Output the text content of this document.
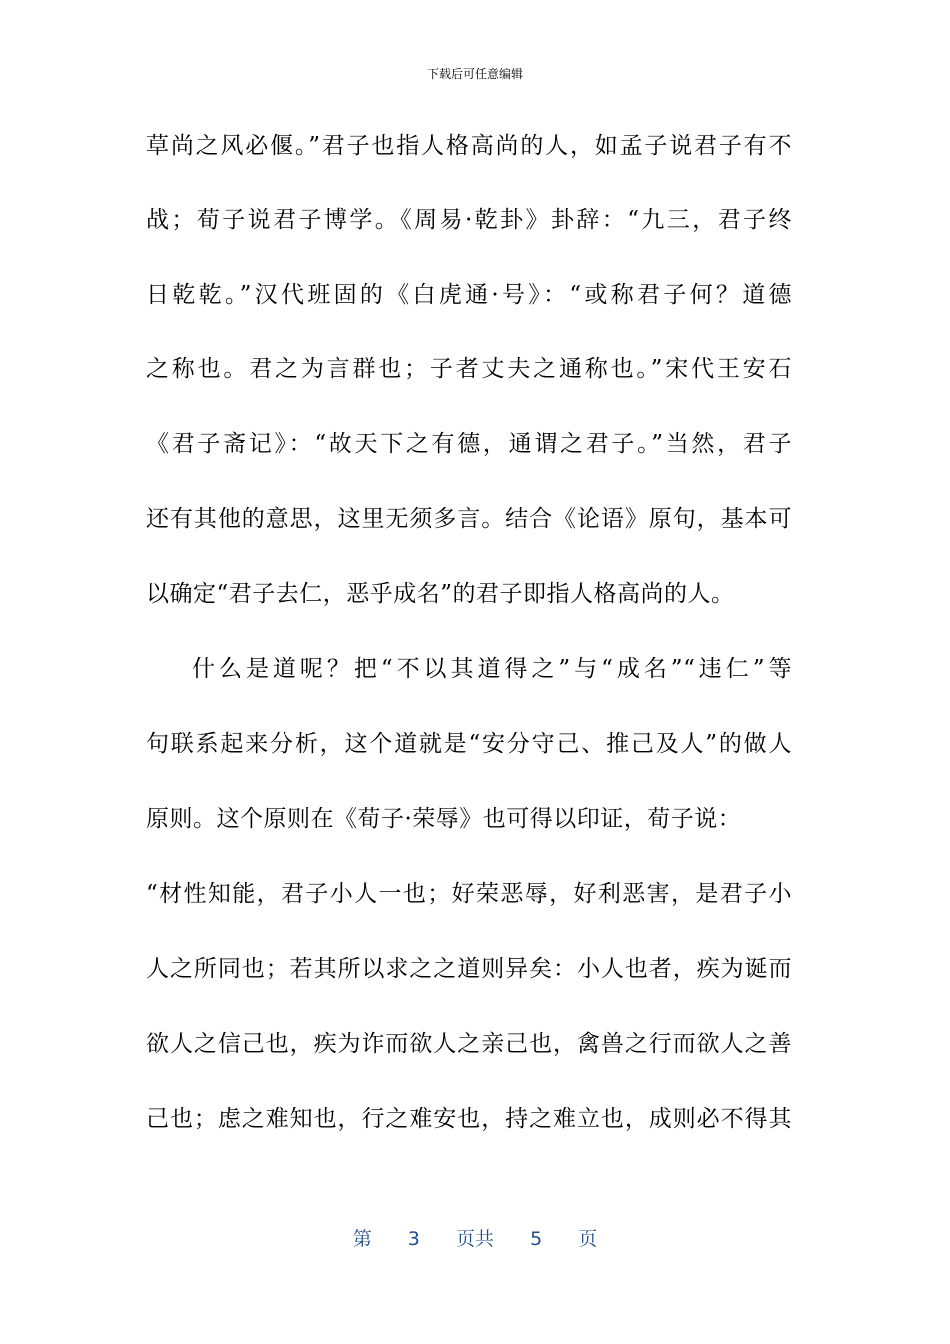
下载后可任意编辑
草尚之风必偃。”君子也指人格高尚的人，如孟子说君子有不
战；荀子说君子博学。《周易·乾卦》卦辞：“九三，君子终
日乾乾。”汉代班固的《白虎通·号》：“或称君子何？道德
之称也。君之为言群也；子者丈夫之通称也。”宋代王安石
《君子斋记》：“故天下之有德，通谓之君子。”当然，君子
还有其他的意思，这里无须多言。结合《论语》原句，基本可
以确定“君子去仁，恶乎成名”的君子即指人格高尚的人。
什么是道呢？把“不以其道得之”与“成名”“违仁”等
句联系起来分析，这个道就是“安分守己、推己及人”的做人
原则。这个原则在《荀子·荣辱》也可得以印证，荀子说：
“材性知能，君子小人一也；好荣恶辱，好利恶害，是君子小
人之所同也；若其所以求之之道则异矣：小人也者，疾为诞而
欲人之信己也，疾为诈而欲人之亲己也，禽兽之行而欲人之善
己也；虑之难知也，行之难安也，持之难立也，成则必不得其
第 3 页共 5 页
